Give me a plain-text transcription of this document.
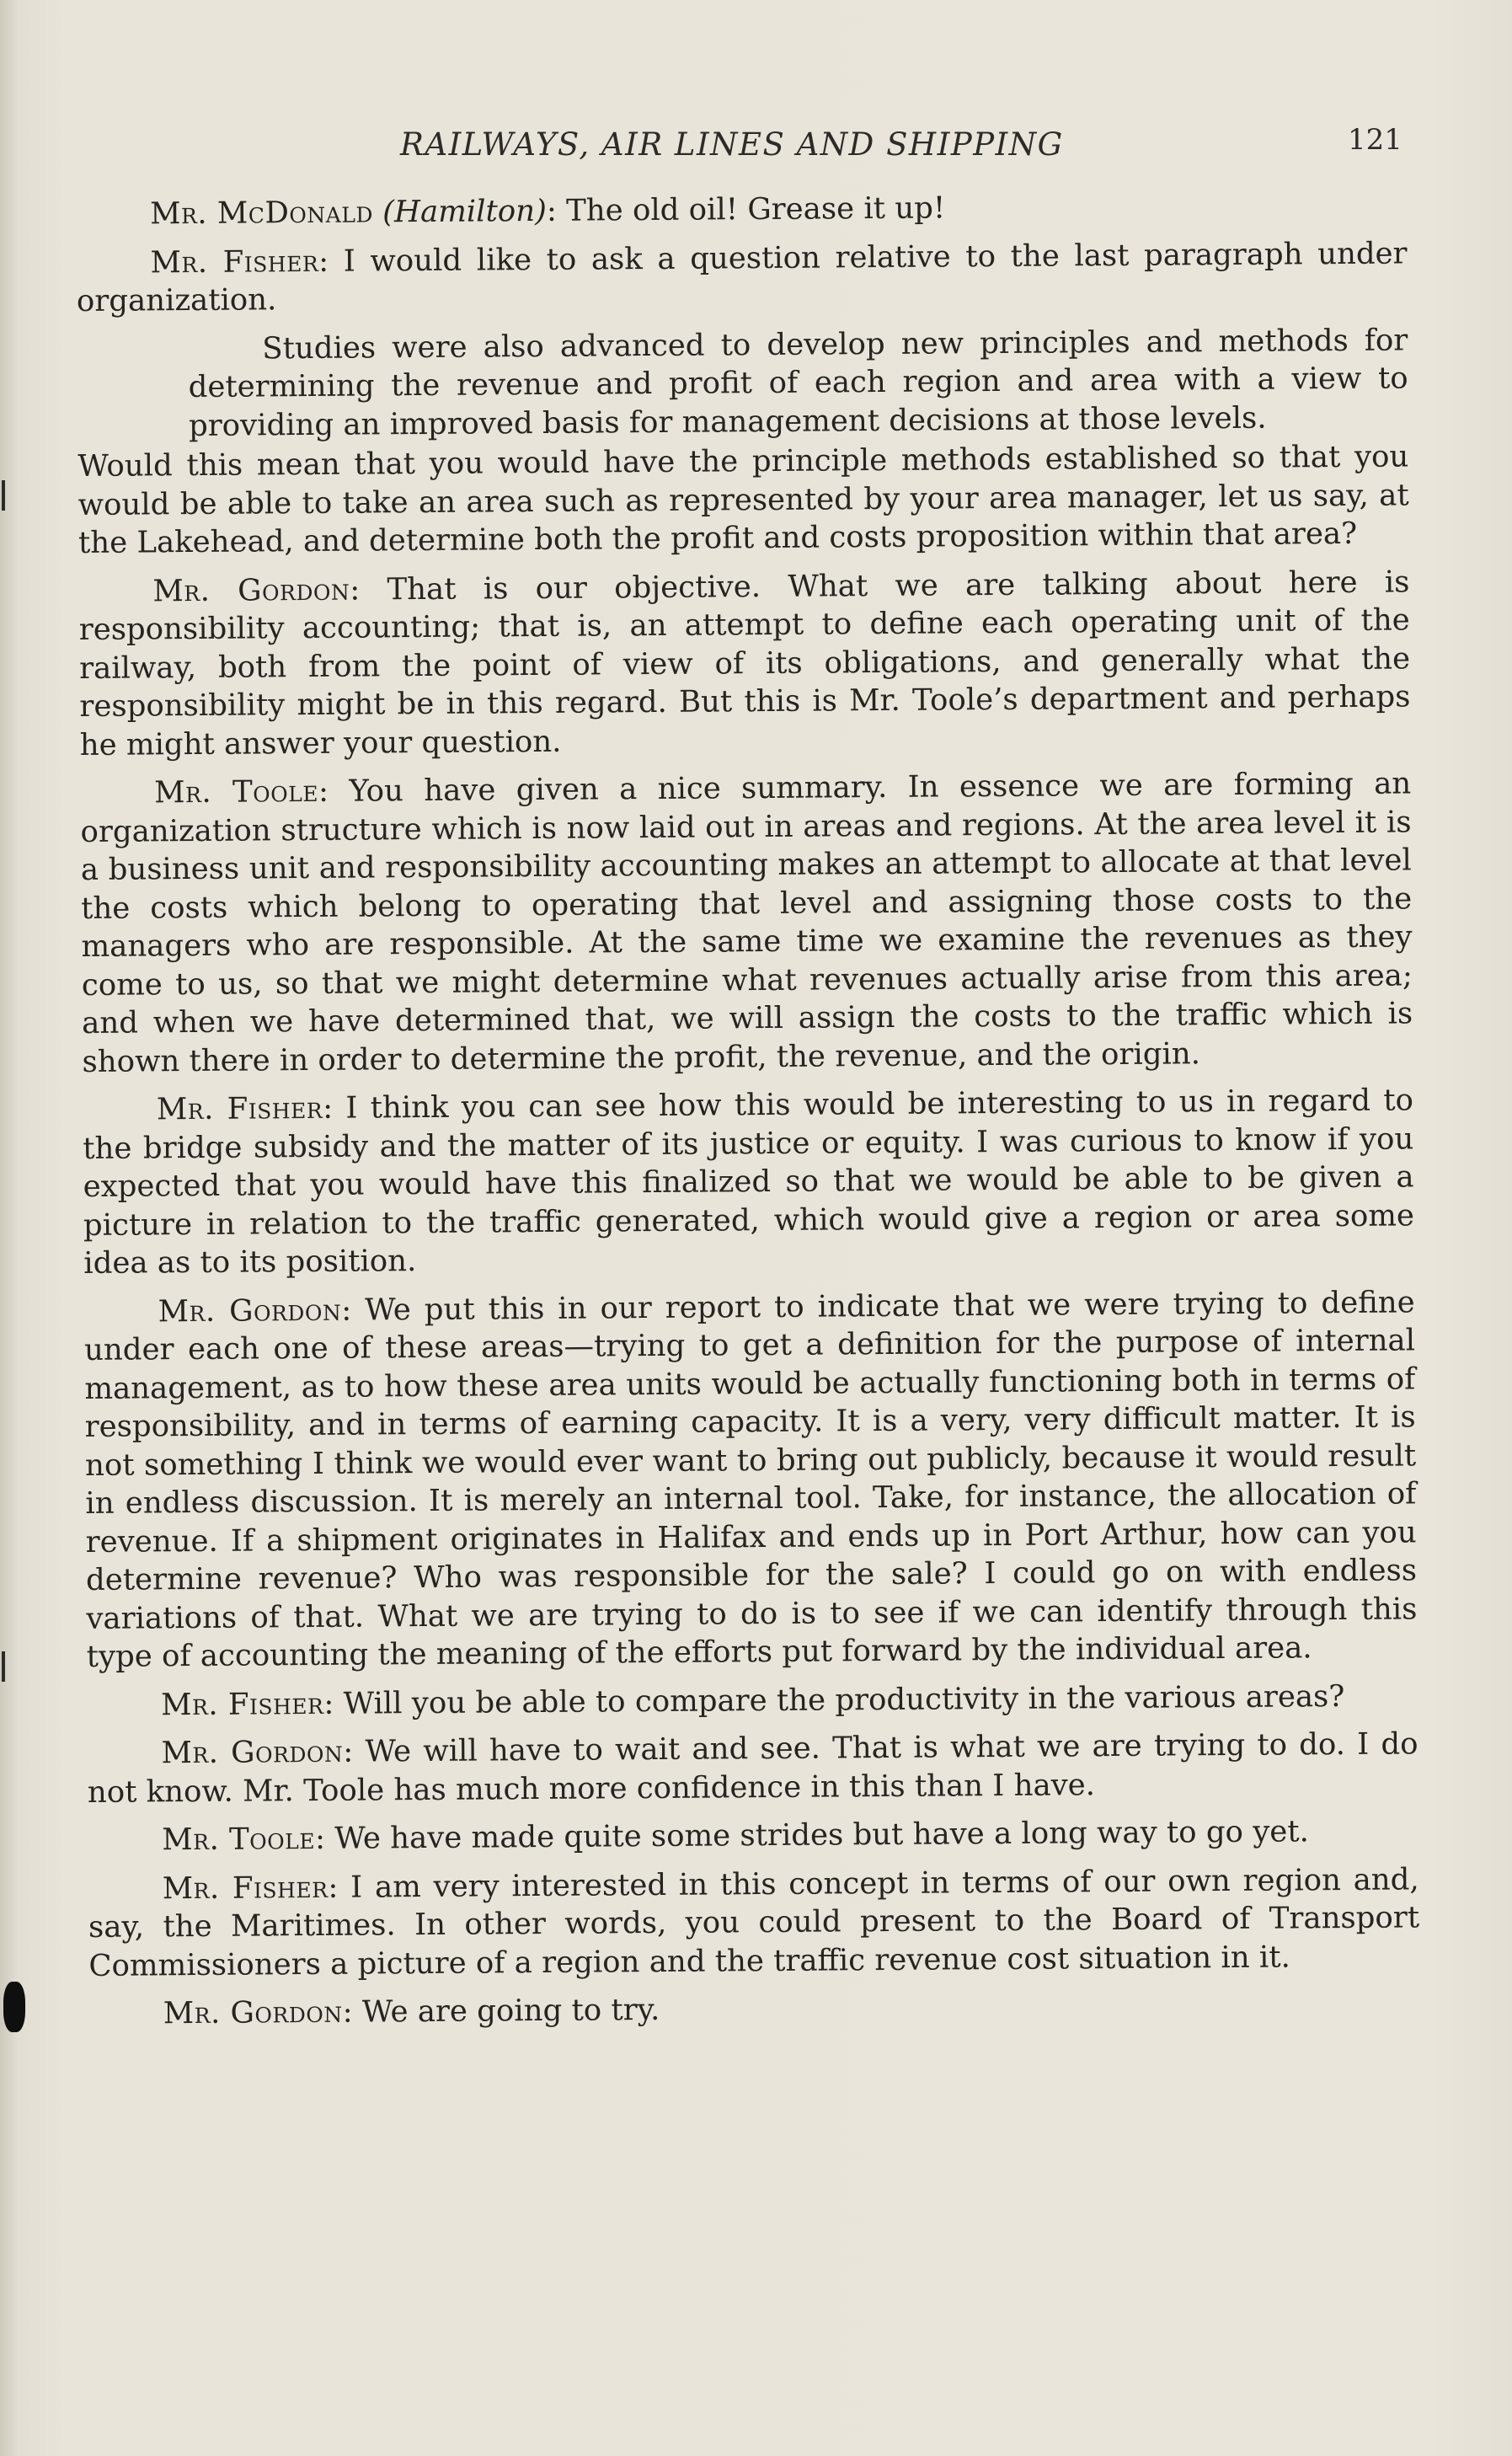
RAILWAYS, AIR LINES AND SHIPPING	121

Mr. McDonald (Hamilton): The old oil! Grease it up!

Mr. Fisher: I would like to ask a question relative to the last paragraph under organization.

Studies were also advanced to develop new principles and methods for determining the revenue and profit of each region and area with a view to providing an improved basis for management decisions at those levels.

Would this mean that you would have the principle methods established so that you would be able to take an area such as represented by your area manager, let us say, at the Lakehead, and determine both the profit and costs proposition within that area?

Mr. Gordon: That is our objective. What we are talking about here is responsibility accounting; that is, an attempt to define each operating unit of the railway, both from the point of view of its obligations, and generally what the responsibility might be in this regard. But this is Mr. Toole’s department and perhaps he might answer your question.

Mr. Toole: You have given a nice summary. In essence we are forming an organization structure which is now laid out in areas and regions. At the area level it is a business unit and responsibility accounting makes an attempt to allocate at that level the costs which belong to operating that level and assigning those costs to the managers who are responsible. At the same time we examine the revenues as they come to us, so that we might determine what revenues actually arise from this area; and when we have determined that, we will assign the costs to the traffic which is shown there in order to determine the profit, the revenue, and the origin.

Mr. Fisher: I think you can see how this would be interesting to us in regard to the bridge subsidy and the matter of its justice or equity. I was curious to know if you expected that you would have this finalized so that we would be able to be given a picture in relation to the traffic generated, which would give a region or area some idea as to its position.

Mr. Gordon: We put this in our report to indicate that we were trying to define under each one of these areas—trying to get a definition for the purpose of internal management, as to how these area units would be actually functioning both in terms of responsibility, and in terms of earning capacity. It is a very, very difficult matter. It is not something I think we would ever want to bring out publicly, because it would result in endless discussion. It is merely an internal tool. Take, for instance, the allocation of revenue. If a shipment originates in Halifax and ends up in Port Arthur, how can you determine revenue? Who was responsible for the sale? I could go on with endless variations of that. What we are trying to do is to see if we can identify through this type of accounting the meaning of the efforts put forward by the individual area.

Mr. Fisher: Will you be able to compare the productivity in the various areas?

Mr. Gordon: We will have to wait and see. That is what we are trying to do. I do not know. Mr. Toole has much more confidence in this than I have.

Mr. Toole: We have made quite some strides but have a long way to go yet.

Mr. Fisher: I am very interested in this concept in terms of our own region and, say, the Maritimes. In other words, you could present to the Board of Transport Commissioners a picture of a region and the traffic revenue cost situation in it.

Mr. Gordon: We are going to try.
